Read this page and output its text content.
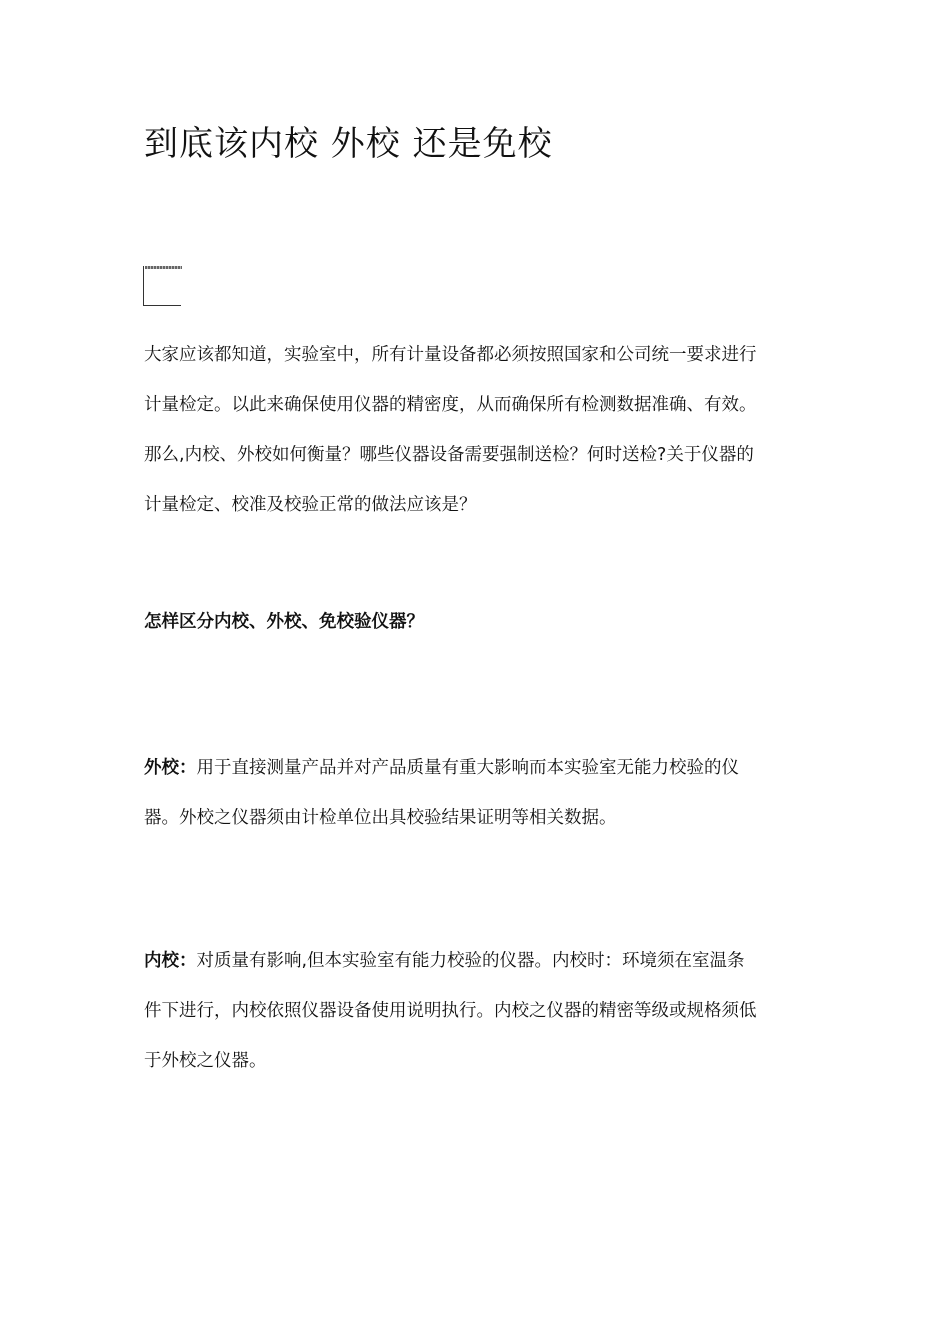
到底该内校 外校 还是免校
大家应该都知道，实验室中，所有计量设备都必须按照国家和公司统一要求进行
计量检定。以此来确保使用仪器的精密度，从而确保所有检测数据准确、有效。
那么,内校、外校如何衡量？哪些仪器设备需要强制送检？何时送检?关于仪器的
计量检定、校准及校验正常的做法应该是？
怎样区分内校、外校、免校验仪器？
外校：用于直接测量产品并对产品质量有重大影响而本实验室无能力校验的仪
器。外校之仪器须由计检单位出具校验结果证明等相关数据。
内校：对质量有影响,但本实验室有能力校验的仪器。内校时：环境须在室温条
件下进行，内校依照仪器设备使用说明执行。内校之仪器的精密等级或规格须低
于外校之仪器。
